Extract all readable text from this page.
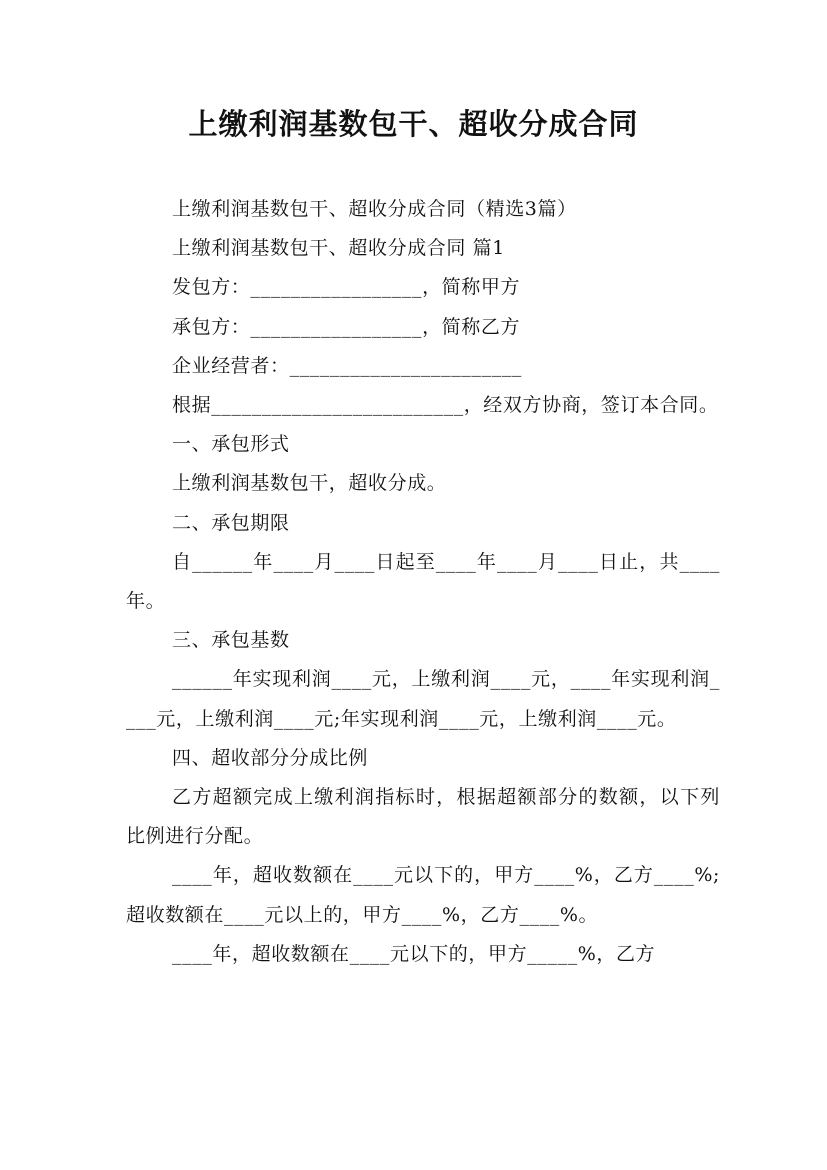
上缴利润基数包干、超收分成合同

上缴利润基数包干、超收分成合同（精选3篇）

上缴利润基数包干、超收分成合同 篇1

发包方：_________________，简称甲方

承包方：_________________，简称乙方

企业经营者：_______________________

根据_________________________，经双方协商，签订本合同。

一、承包形式

上缴利润基数包干，超收分成。

二、承包期限

自______年____月____日起至____年____月____日止，共____年。

三、承包基数

______年实现利润____元，上缴利润____元，____年实现利润____元，上缴利润____元;年实现利润____元，上缴利润____元。

四、超收部分分成比例

乙方超额完成上缴利润指标时，根据超额部分的数额，以下列比例进行分配。

____年，超收数额在____元以下的，甲方____%，乙方____%;超收数额在____元以上的，甲方____%，乙方____%。

____年，超收数额在____元以下的，甲方_____%，乙方
